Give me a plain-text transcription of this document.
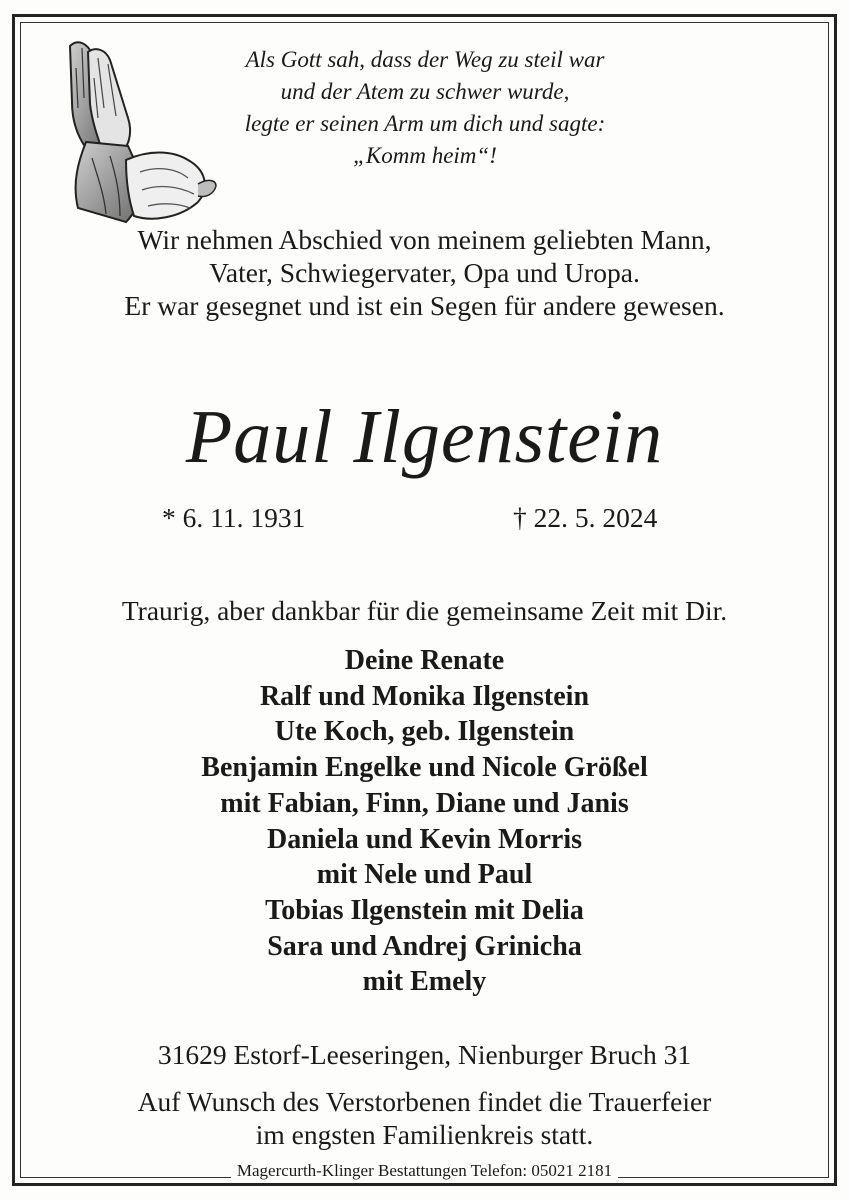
Als Gott sah, dass der Weg zu steil war
und der Atem zu schwer wurde,
legte er seinen Arm um dich und sagte:
„Komm heim“!
Wir nehmen Abschied von meinem geliebten Mann,
Vater, Schwiegervater, Opa und Uropa.
Er war gesegnet und ist ein Segen für andere gewesen.
Paul Ilgenstein
* 6. 11. 1931	† 22. 5. 2024
Traurig, aber dankbar für die gemeinsame Zeit mit Dir.
Deine Renate
Ralf und Monika Ilgenstein
Ute Koch, geb. Ilgenstein
Benjamin Engelke und Nicole Größel
mit Fabian, Finn, Diane und Janis
Daniela und Kevin Morris
mit Nele und Paul
Tobias Ilgenstein mit Delia
Sara und Andrej Grinicha
mit Emely
31629 Estorf-Leeseringen, Nienburger Bruch 31
Auf Wunsch des Verstorbenen findet die Trauerfeier
im engsten Familienkreis statt.
Magercurth-Klinger Bestattungen Telefon: 05021 2181
